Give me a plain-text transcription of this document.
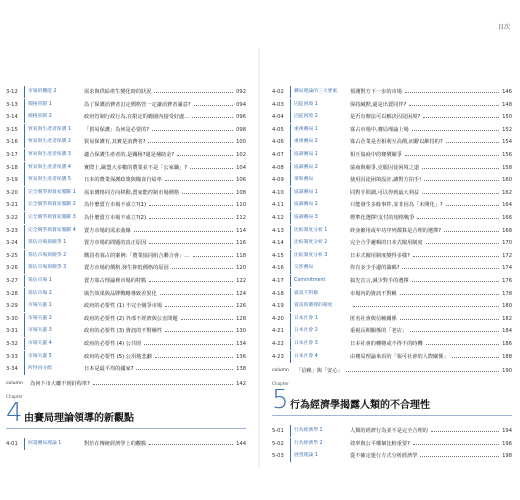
目次
3-12	市場的機能 2	需求與供給產生變化時的狀況	092
3-13	價格管制 1	為了保護消費者訂定價格管一定讓消費者滿意?	094
3-14	價格管制 2	政府管制行政行為,在限定的範圍內接受好處…	096
3-15	貿易與生產者保護 1	「貿易保護」為何是必要的?	098
3-16	貿易與生產者保護 2	貿易保護有,其實是消費者?	100
3-17	貿易與生產者保護 3	適合保護生產者的,是關稅?還是補助金?	102
3-18	貿易與生產者保護 4	實際上,歐盟大多數的農業並不是「公家職」?	104
3-19	貿易與生產者保護 5	日本的農業保護政策與糧食自給率	106
3-20	完全競爭與賣家壟斷 1	需求價格同方向移動,賣家能控制市場價格	108
3-21	完全競爭與賣家壟斷 2	為什麼賣方市場不成立?(1)	110
3-22	完全競爭與賣家壟斷 3	為什麼賣方市場不成立?(2)	112
3-23	完全競爭與賣家壟斷 4	賣方市場的需求曲線	114
3-24	寡佔市場與競爭 1	賣方市場的問題的真正原因	116
3-25	寡佔市場與競爭 2	購買者寡占的案例:「農業協同組合聯合會」…	118
3-26	寡佔市場與競爭 3	賣方市場的價格,發生抑低價格的原因	120
3-27	寡佔市場 1	賣方寡占理論裡市場的特點	122
3-28	寡佔市場 2	廣告效果與品牌戰略導致差異化	124
3-29	市場失靈 1	政府的必要性 (1) 不完全競爭市場	126
3-30	市場失靈 2	政府的必要性 (2) 外部不經濟與公害問題	128
3-31	市場失靈 3	政府的必要性 (3) 資訊的不對稱性	130
3-32	市場失靈 4	政府的必要性 (4) 公共財	134
3-33	市場失靈 5	政府的必要性 (5) 公用地悲劇	136
3-34	所得再分配	日本是最平均的國家?	138
column 為何下市大廳不到針程車?	142
Chapter
4 由賽局理論領導的新觀點
4-01	何謂賽局理論 1	對於在傳統經濟學上的觀點	144
4-02	賽局理論的三大要素	預測對方下一步的市場	146
4-03	囚徒困境 1	保持緘默,還是出賣同伴?	148
4-04	囚徒困境 2	是否有辦法可以解決囚徒困境?	150
4-05	重複賽局 1	寡占市場中,賽局理論上場	152
4-06	重複賽局 2	寡占企業是否相利互高價,而辭以維持的?	154
4-07	協調賽局 1	相互協商中的賽價競爭	156
4-08	協調賽局 2	協商與競爭,克服囚徒困境之道	158
4-09	零和賽局	使用囚徒困境設計,讓對方拍手!	160
4-10	協調賽局 1	同對手問調,可以得到最大利益	162
4-11	協調賽局 2	只能發生多餘事件,並非因為「未開化」?	164
4-12	協調賽局 3	標準化選擇!支付的規格戰爭	166
4-13	比較制度分析 1	終身僱用或年功序列都算是合理的選擇?	168
4-14	比較制度分析 2	完全合乎邏輯的日本式僱用制度	170
4-15	比較制度分析 3	日本式僱用制度變得多樣?	172
4-16	交涉賽局	你有多少手邊的籌碼?	174
4-17	Commitment	搞先宣言,減少對手的選擇	176
4-18	資訊不對稱	市場內的資訊不對稱	178
4-19	資訊與選擇的制度	180
4-20	日本社會 1	匿名社會與信賴關係	182
4-21	日本社會 2	重視長期關係的「老店」	184
4-22	日本社會 3	日本社會的轉變或不得不的時機	186
4-23	日本社會 4	由賽局理論來看的「報可社會的人際關係」	188
column 「信賴」與「安心」	190
Chapter
5 行為經濟學揭露人類的不合理性
5-01	行為經濟學 1	人類的經濟行為並不是完全合理的	194
5-02	行為經濟學 2	效率與公平哪個比較重要?	196
5-03	展望理論 1	從不確定運行方式分析經濟學	198
